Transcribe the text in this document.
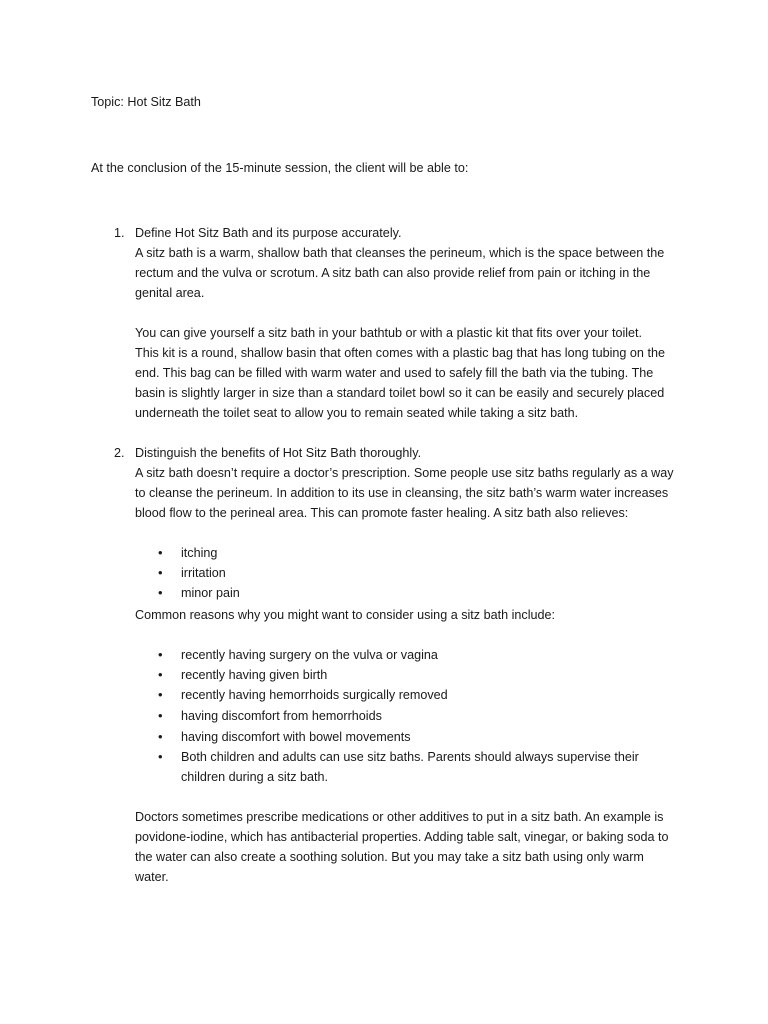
Topic: Hot Sitz Bath
At the conclusion of the 15-minute session, the client will be able to:
1. Define Hot Sitz Bath and its purpose accurately.
A sitz bath is a warm, shallow bath that cleanses the perineum, which is the space between the
rectum and the vulva or scrotum. A sitz bath can also provide relief from pain or itching in the
genital area.
You can give yourself a sitz bath in your bathtub or with a plastic kit that fits over your toilet.
This kit is a round, shallow basin that often comes with a plastic bag that has long tubing on the
end. This bag can be filled with warm water and used to safely fill the bath via the tubing. The
basin is slightly larger in size than a standard toilet bowl so it can be easily and securely placed
underneath the toilet seat to allow you to remain seated while taking a sitz bath.
2. Distinguish the benefits of Hot Sitz Bath thoroughly.
A sitz bath doesn’t require a doctor’s prescription. Some people use sitz baths regularly as a way
to cleanse the perineum. In addition to its use in cleansing, the sitz bath’s warm water increases
blood flow to the perineal area. This can promote faster healing. A sitz bath also relieves:
• itching
• irritation
• minor pain
Common reasons why you might want to consider using a sitz bath include:
• recently having surgery on the vulva or vagina
• recently having given birth
• recently having hemorrhoids surgically removed
• having discomfort from hemorrhoids
• having discomfort with bowel movements
• Both children and adults can use sitz baths. Parents should always supervise their
children during a sitz bath.
Doctors sometimes prescribe medications or other additives to put in a sitz bath. An example is
povidone-iodine, which has antibacterial properties. Adding table salt, vinegar, or baking soda to
the water can also create a soothing solution. But you may take a sitz bath using only warm
water.
